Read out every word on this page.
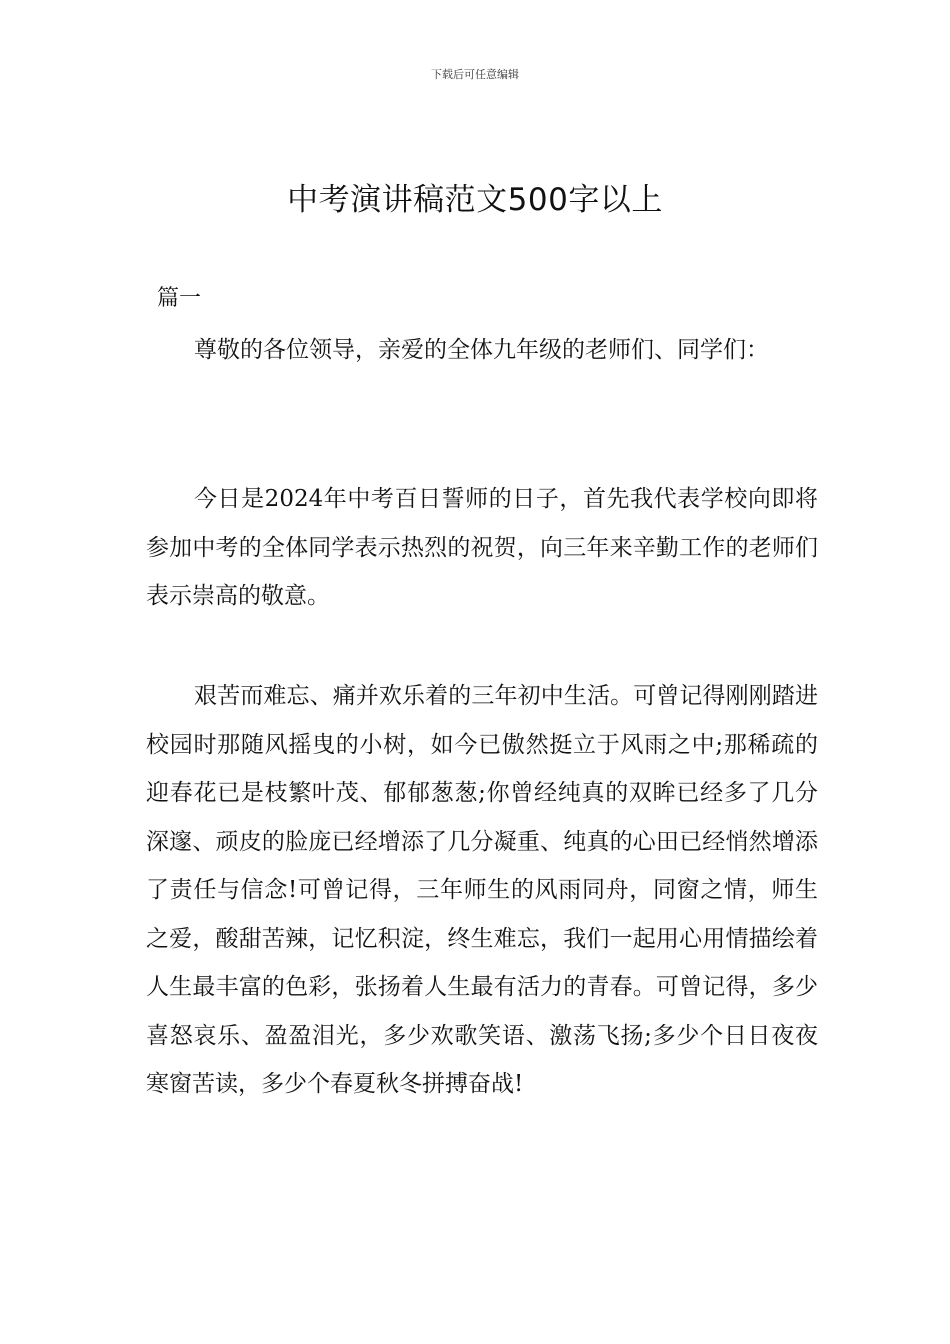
下载后可任意编辑
中考演讲稿范文500字以上
篇一

尊敬的各位领导，亲爱的全体九年级的老师们、同学们：

今日是2024年中考百日誓师的日子，首先我代表学校向即将参加中考的全体同学表示热烈的祝贺，向三年来辛勤工作的老师们表示崇高的敬意。

艰苦而难忘、痛并欢乐着的三年初中生活。可曾记得刚刚踏进校园时那随风摇曳的小树，如今已傲然挺立于风雨之中;那稀疏的迎春花已是枝繁叶茂、郁郁葱葱;你曾经纯真的双眸已经多了几分深邃、顽皮的脸庞已经增添了几分凝重、纯真的心田已经悄然增添了责任与信念!可曾记得，三年师生的风雨同舟，同窗之情，师生之爱，酸甜苦辣，记忆积淀，终生难忘，我们一起用心用情描绘着人生最丰富的色彩，张扬着人生最有活力的青春。可曾记得，多少喜怒哀乐、盈盈泪光，多少欢歌笑语、激荡飞扬;多少个日日夜夜寒窗苦读，多少个春夏秋冬拼搏奋战!
